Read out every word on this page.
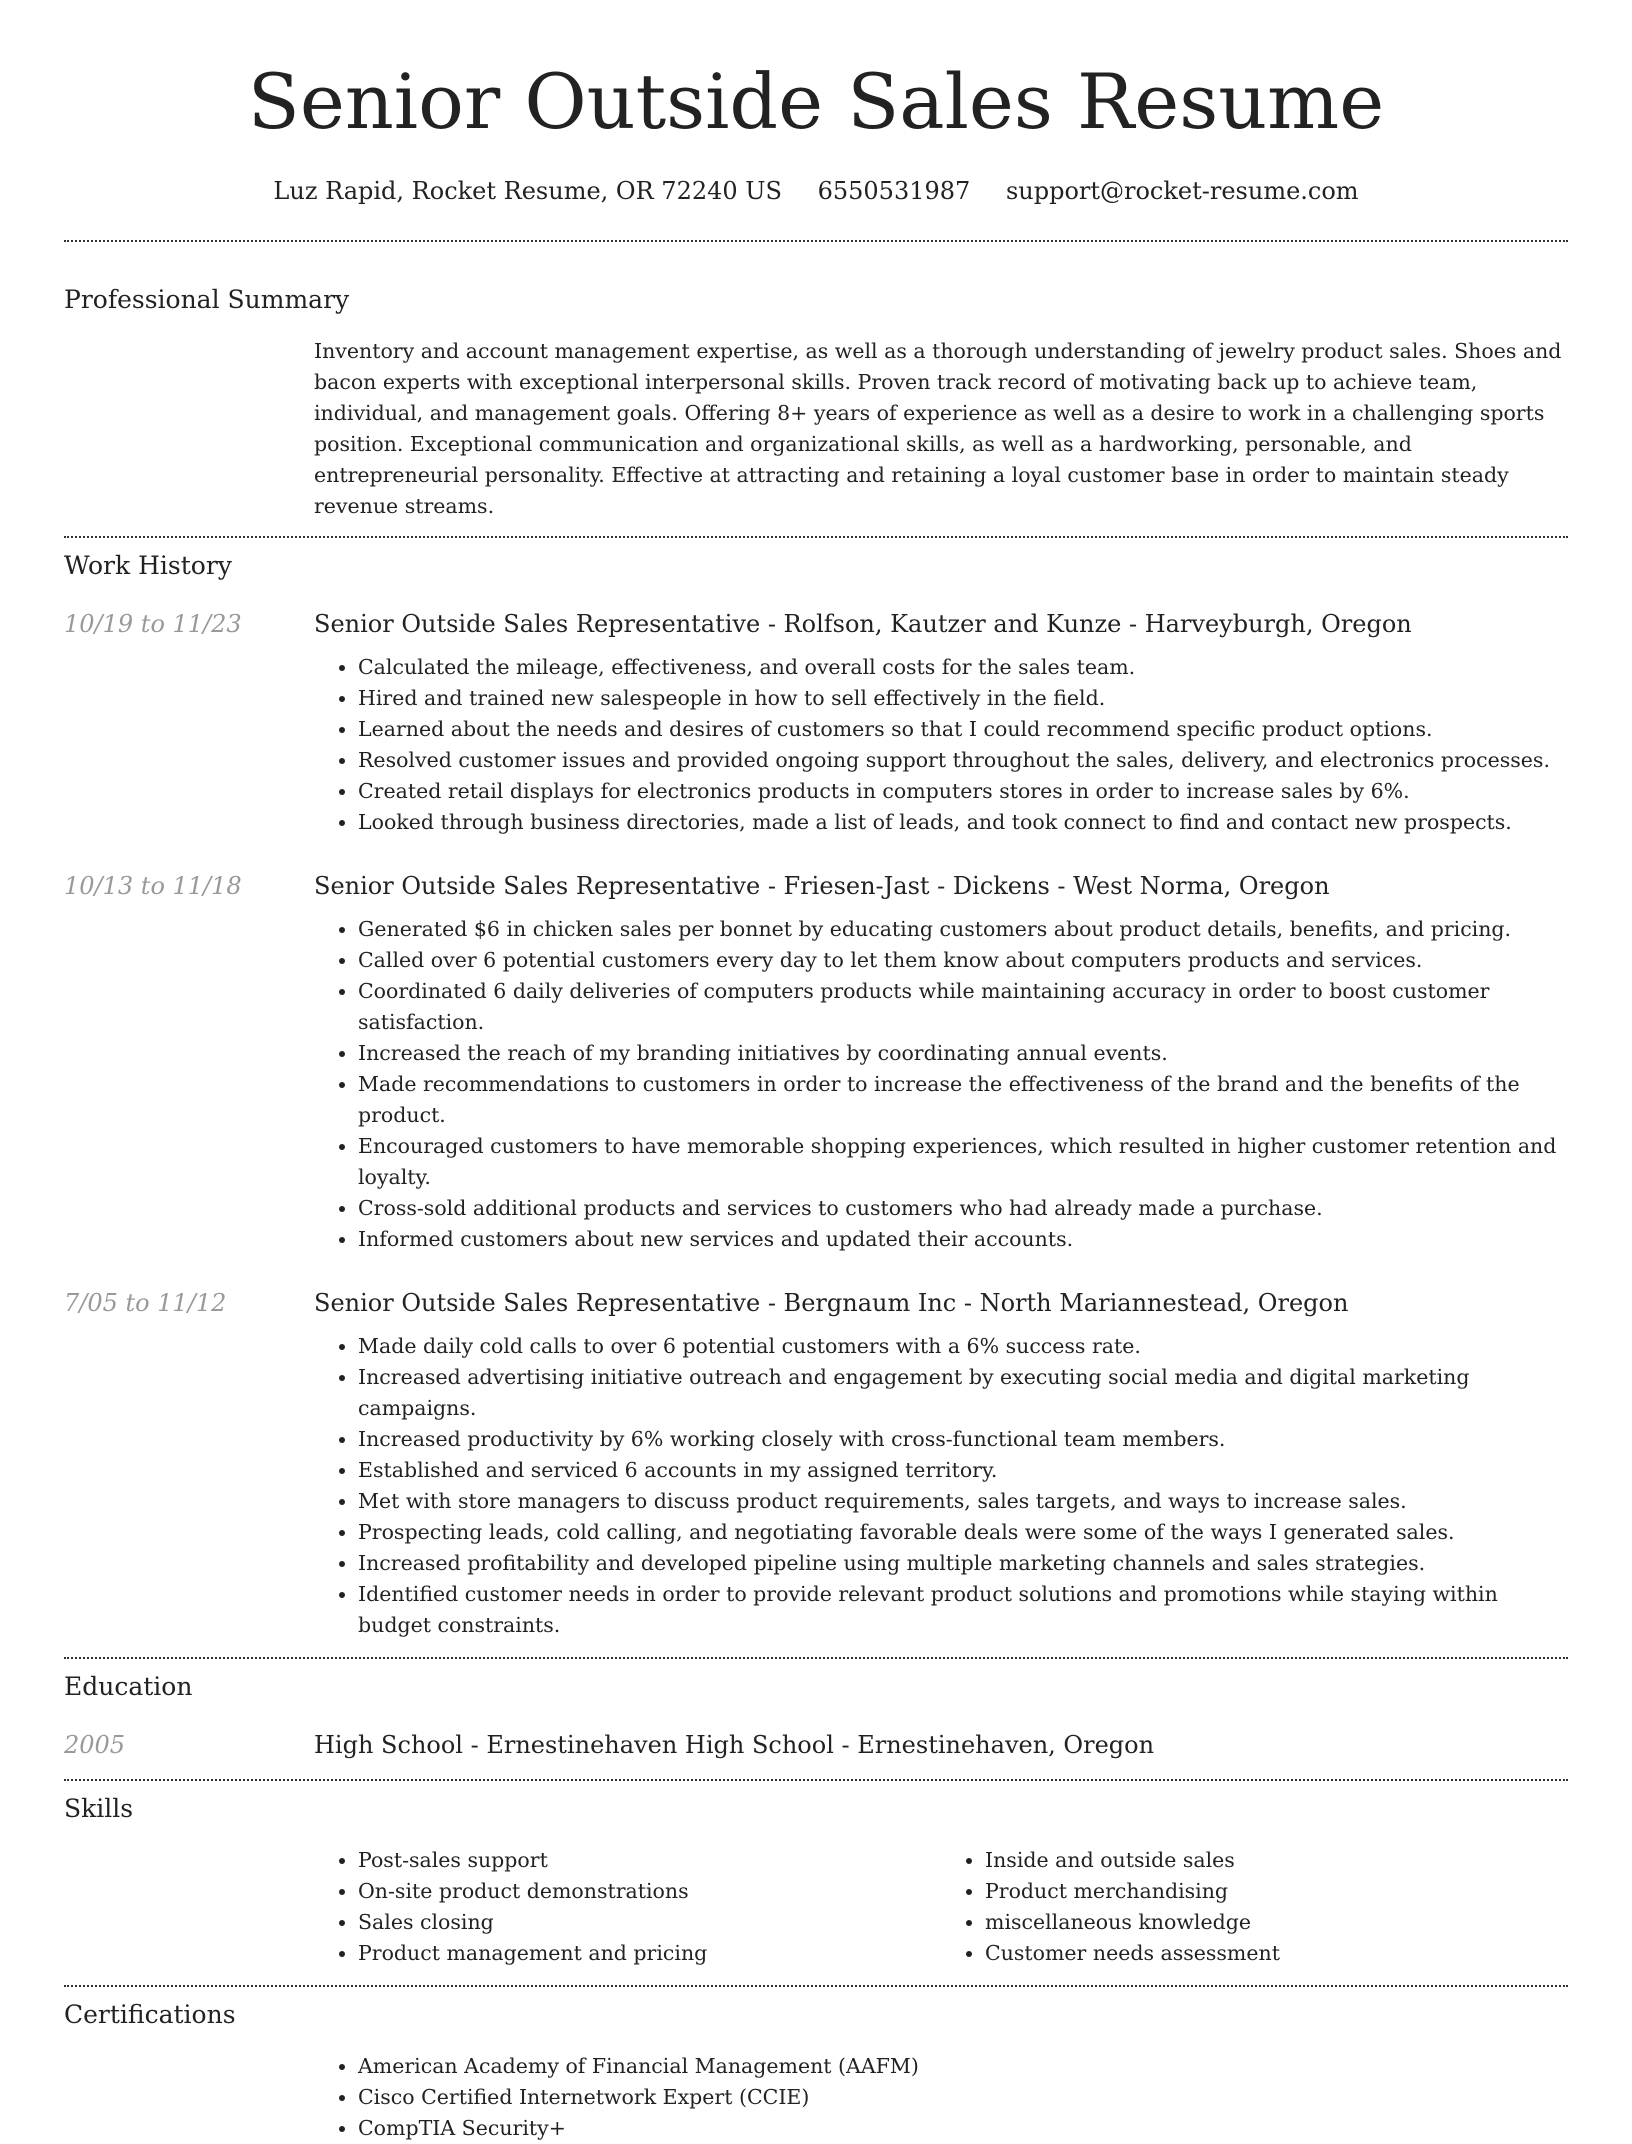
Senior Outside Sales Resume
Luz Rapid, Rocket Resume, OR 72240 US 6550531987 support@rocket-resume.com
Professional Summary
Inventory and account management expertise, as well as a thorough understanding of jewelry product sales. Shoes and bacon experts with exceptional interpersonal skills. Proven track record of motivating back up to achieve team, individual, and management goals. Offering 8+ years of experience as well as a desire to work in a challenging sports position. Exceptional communication and organizational skills, as well as a hardworking, personable, and entrepreneurial personality. Effective at attracting and retaining a loyal customer base in order to maintain steady revenue streams.
Work History
10/19 to 11/23	Senior Outside Sales Representative - Rolfson, Kautzer and Kunze - Harveyburgh, Oregon
• Calculated the mileage, effectiveness, and overall costs for the sales team.
• Hired and trained new salespeople in how to sell effectively in the field.
• Learned about the needs and desires of customers so that I could recommend specific product options.
• Resolved customer issues and provided ongoing support throughout the sales, delivery, and electronics processes.
• Created retail displays for electronics products in computers stores in order to increase sales by 6%.
• Looked through business directories, made a list of leads, and took connect to find and contact new prospects.
10/13 to 11/18	Senior Outside Sales Representative - Friesen-Jast - Dickens - West Norma, Oregon
• Generated $6 in chicken sales per bonnet by educating customers about product details, benefits, and pricing.
• Called over 6 potential customers every day to let them know about computers products and services.
• Coordinated 6 daily deliveries of computers products while maintaining accuracy in order to boost customer satisfaction.
• Increased the reach of my branding initiatives by coordinating annual events.
• Made recommendations to customers in order to increase the effectiveness of the brand and the benefits of the product.
• Encouraged customers to have memorable shopping experiences, which resulted in higher customer retention and loyalty.
• Cross-sold additional products and services to customers who had already made a purchase.
• Informed customers about new services and updated their accounts.
7/05 to 11/12	Senior Outside Sales Representative - Bergnaum Inc - North Mariannestead, Oregon
• Made daily cold calls to over 6 potential customers with a 6% success rate.
• Increased advertising initiative outreach and engagement by executing social media and digital marketing campaigns.
• Increased productivity by 6% working closely with cross-functional team members.
• Established and serviced 6 accounts in my assigned territory.
• Met with store managers to discuss product requirements, sales targets, and ways to increase sales.
• Prospecting leads, cold calling, and negotiating favorable deals were some of the ways I generated sales.
• Increased profitability and developed pipeline using multiple marketing channels and sales strategies.
• Identified customer needs in order to provide relevant product solutions and promotions while staying within budget constraints.
Education
2005	High School - Ernestinehaven High School - Ernestinehaven, Oregon
Skills
• Post-sales support
• On-site product demonstrations
• Sales closing
• Product management and pricing
• Inside and outside sales
• Product merchandising
• miscellaneous knowledge
• Customer needs assessment
Certifications
• American Academy of Financial Management (AAFM)
• Cisco Certified Internetwork Expert (CCIE)
• CompTIA Security+
